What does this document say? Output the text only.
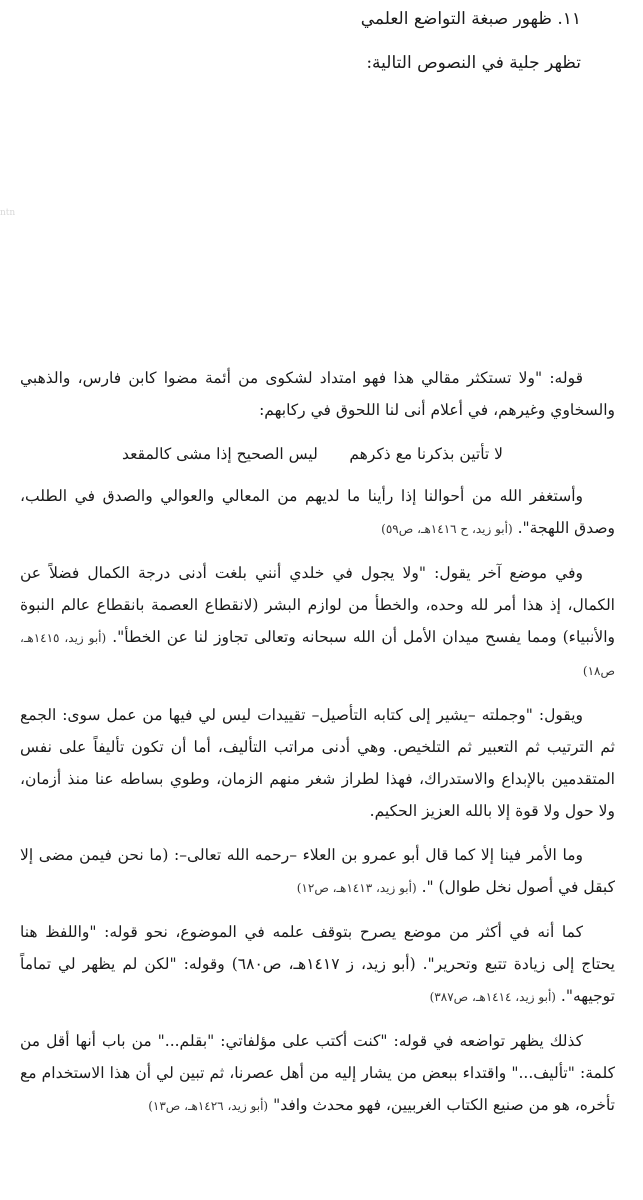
١١. ظهور صبغة التواضع العلمي
تظهر جلية في النصوص التالية:
ntn

قوله: "ولا تستكثر مقالي هذا فهو امتداد لشكوى من أئمة مضوا كابن فارس، والذهبي والسخاوي وغيرهم، في أعلام أنى لنا اللحوق في ركابهم:

لا تأتين بذكرنا مع ذكرهم
ليس الصحيح إذا مشى كالمقعد

وأستغفر الله من أحوالنا إذا رأينا ما لديهم من المعالي والعوالي والصدق في الطلب، وصدق اللهجة". (أبو زيد، ح ١٤١٦هـ، ص٥٩)

وفي موضع آخر يقول: "ولا يجول في خلدي أنني بلغت أدنى درجة الكمال فضلاً عن الكمال، إذ هذا أمر لله وحده، والخطأ من لوازم البشر (لانقطاع العصمة بانقطاع عالم النبوة والأنبياء) ومما يفسح ميدان الأمل أن الله سبحانه وتعالى تجاوز لنا عن الخطأ". (أبو زيد، ١٤١٥هـ، ص١٨)

ويقول: "وجملته –يشير إلى كتابه التأصيل– تقييدات ليس لي فيها من عمل سوى: الجمع ثم الترتيب ثم التعبير ثم التلخيص. وهي أدنى مراتب التأليف، أما أن تكون تأليفاً على نفس المتقدمين بالإبداع والاستدراك، فهذا لطراز شغر منهم الزمان، وطوي بساطه عنا منذ أزمان، ولا حول ولا قوة إلا بالله العزيز الحكيم.

وما الأمر فينا إلا كما قال أبو عمرو بن العلاء –رحمه الله تعالى–: (ما نحن فيمن مضى إلا كبقل في أصول نخل طوال) ". (أبو زيد، ١٤١٣هـ، ص١٢)

كما أنه في أكثر من موضع يصرح بتوقف علمه في الموضوع، نحو قوله: "واللفظ هنا يحتاج إلى زيادة تتبع وتحرير". (أبو زيد، ز ١٤١٧هـ، ص٦٨٠) وقوله: "لكن لم يظهر لي تماماً توجيهه". (أبو زيد، ١٤١٤هـ، ص٣٨٧)

كذلك يظهر تواضعه في قوله: "كنت أكتب على مؤلفاتي: "بقلم..." من باب أنها أقل من كلمة: "تأليف..." واقتداء ببعض من يشار إليه من أهل عصرنا، ثم تبين لي أن هذا الاستخدام مع تأخره، هو من صنيع الكتاب الغربيين، فهو محدث وافد" (أبو زيد، ١٤٢٦هـ، ص١٣)
